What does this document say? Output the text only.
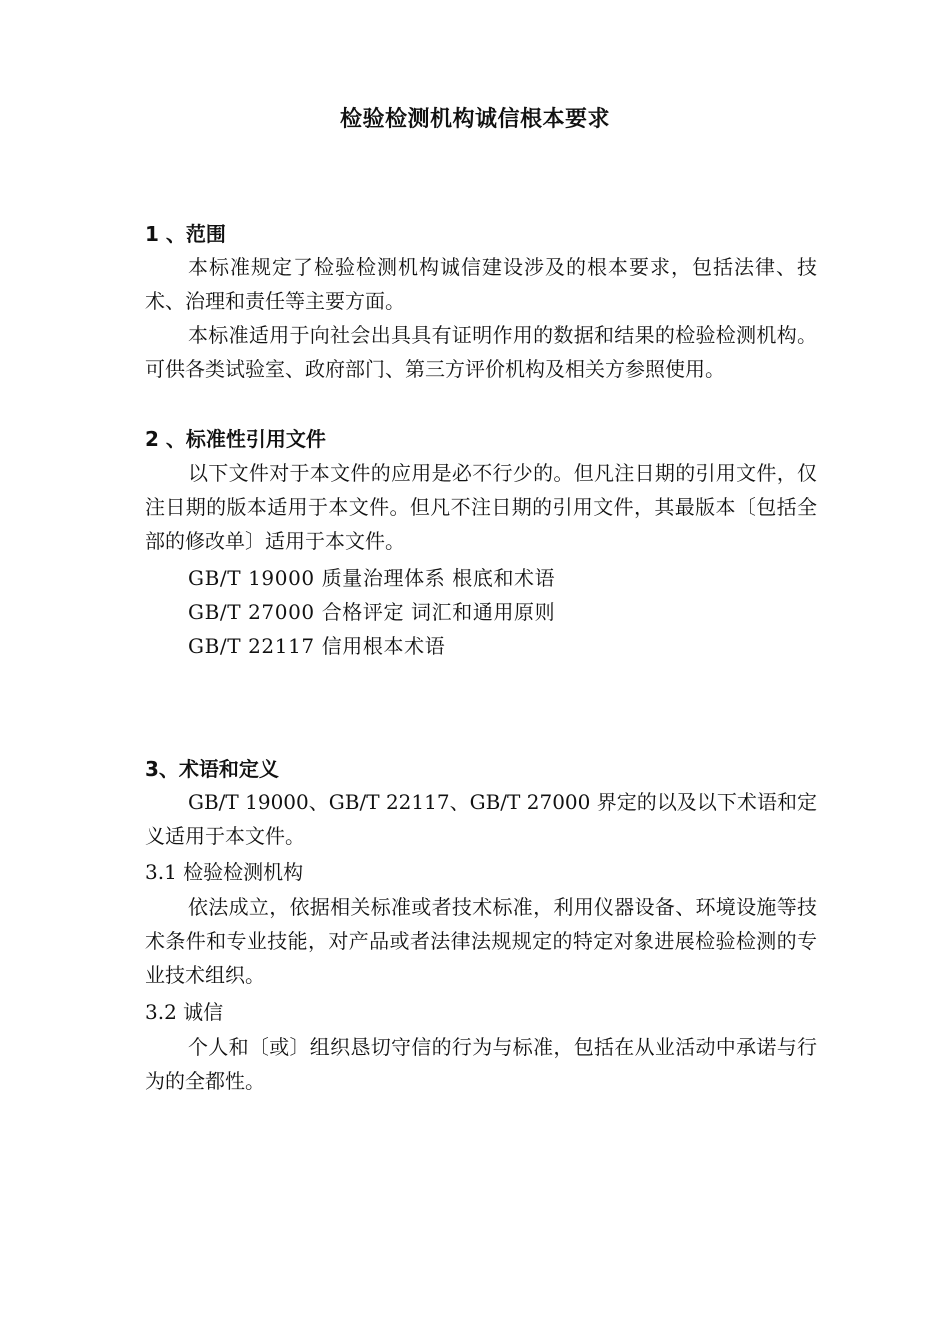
检验检测机构诚信根本要求
1 、范围

本标准规定了检验检测机构诚信建设涉及的根本要求，包括法律、技术、治理和责任等主要方面。

本标准适用于向社会出具具有证明作用的数据和结果的检验检测机构。可供各类试验室、政府部门、第三方评价机构及相关方参照使用。

2 、标准性引用文件

以下文件对于本文件的应用是必不行少的。但凡注日期的引用文件，仅注日期的版本适用于本文件。但凡不注日期的引用文件，其最版本〔包括全部的修改单〕适用于本文件。

GB/T 19000 质量治理体系 根底和术语
GB/T 27000 合格评定 词汇和通用原则
GB/T 22117 信用根本术语
3、术语和定义

GB/T 19000、GB/T 22117、GB/T 27000 界定的以及以下术语和定义适用于本文件。

3.1 检验检测机构

依法成立，依据相关标准或者技术标准，利用仪器设备、环境设施等技术条件和专业技能，对产品或者法律法规规定的特定对象进展检验检测的专业技术组织。

3.2 诚信

个人和〔或〕组织恳切守信的行为与标准，包括在从业活动中承诺与行为的全都性。
